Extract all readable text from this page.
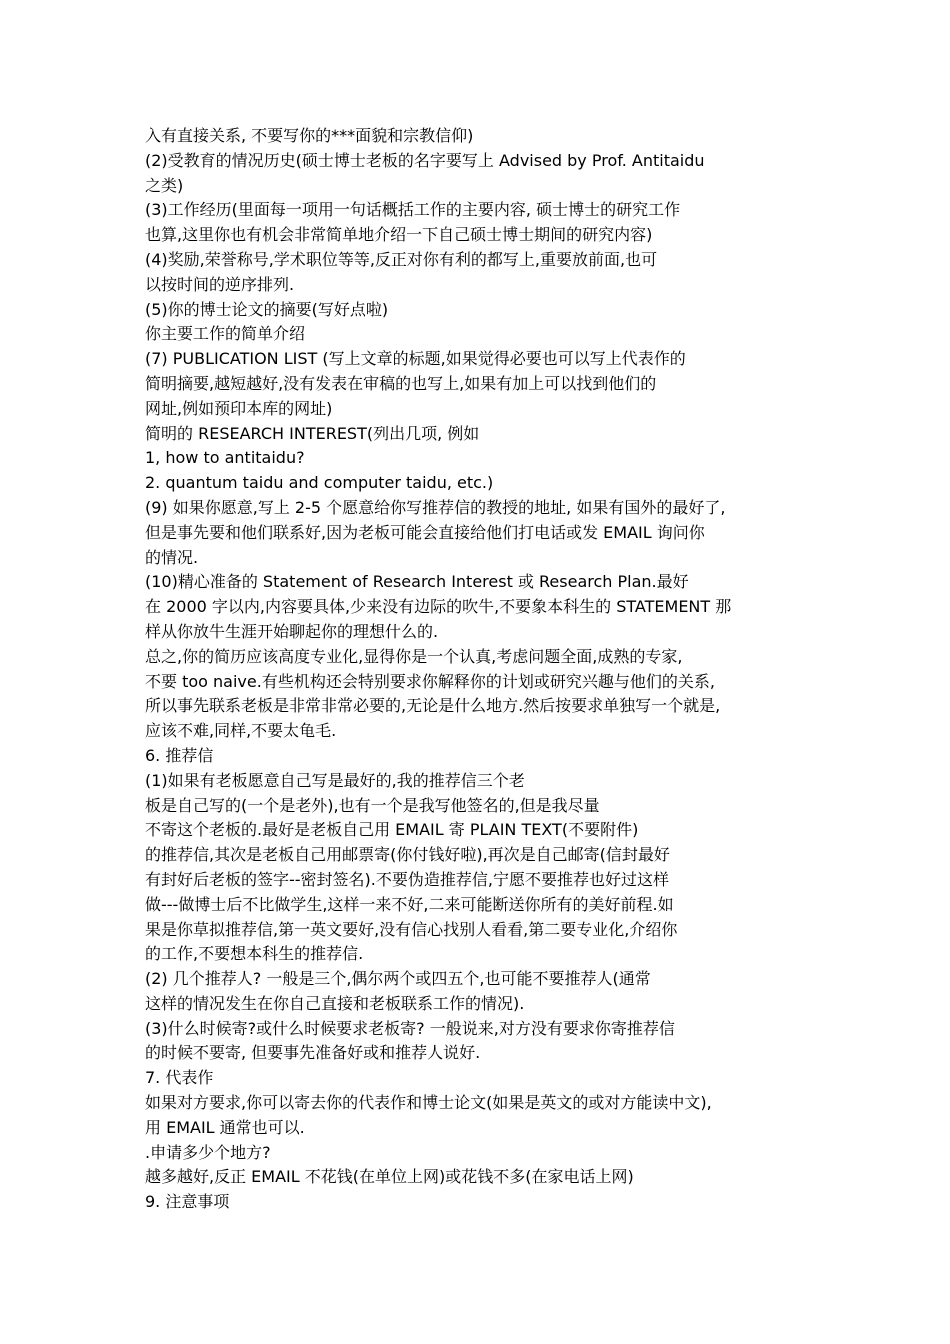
入有直接关系, 不要写你的***面貌和宗教信仰)
(2)受教育的情况历史(硕士博士老板的名字要写上 Advised by Prof. Antitaidu
之类)
(3)工作经历(里面每一项用一句话概括工作的主要内容, 硕士博士的研究工作
也算,这里你也有机会非常简单地介绍一下自己硕士博士期间的研究内容)
(4)奖励,荣誉称号,学术职位等等,反正对你有利的都写上,重要放前面,也可
以按时间的逆序排列.
(5)你的博士论文的摘要(写好点啦)
你主要工作的简单介绍
(7) PUBLICATION LIST (写上文章的标题,如果觉得必要也可以写上代表作的
简明摘要,越短越好,没有发表在审稿的也写上,如果有加上可以找到他们的
网址,例如预印本库的网址)
简明的 RESEARCH INTEREST(列出几项, 例如
1, how to antitaidu?
2. quantum taidu and computer taidu, etc.)
(9) 如果你愿意,写上 2-5 个愿意给你写推荐信的教授的地址, 如果有国外的最好了,
但是事先要和他们联系好,因为老板可能会直接给他们打电话或发 EMAIL 询问你
的情况.
(10)精心准备的 Statement of Research Interest 或 Research Plan.最好
在 2000 字以内,内容要具体,少来没有边际的吹牛,不要象本科生的 STATEMENT 那
样从你放牛生涯开始聊起你的理想什么的.
总之,你的简历应该高度专业化,显得你是一个认真,考虑问题全面,成熟的专家,
不要 too naive.有些机构还会特别要求你解释你的计划或研究兴趣与他们的关系,
所以事先联系老板是非常非常必要的,无论是什么地方.然后按要求单独写一个就是,
应该不难,同样,不要太龟毛.
6. 推荐信
(1)如果有老板愿意自己写是最好的,我的推荐信三个老
板是自己写的(一个是老外),也有一个是我写他签名的,但是我尽量
不寄这个老板的.最好是老板自己用 EMAIL 寄 PLAIN TEXT(不要附件)
的推荐信,其次是老板自己用邮票寄(你付钱好啦),再次是自己邮寄(信封最好
有封好后老板的签字--密封签名).不要伪造推荐信,宁愿不要推荐也好过这样
做---做博士后不比做学生,这样一来不好,二来可能断送你所有的美好前程.如
果是你草拟推荐信,第一英文要好,没有信心找别人看看,第二要专业化,介绍你
的工作,不要想本科生的推荐信.
(2) 几个推荐人? 一般是三个,偶尔两个或四五个,也可能不要推荐人(通常
这样的情况发生在你自己直接和老板联系工作的情况).
(3)什么时候寄?或什么时候要求老板寄? 一般说来,对方没有要求你寄推荐信
的时候不要寄, 但要事先准备好或和推荐人说好.
7. 代表作
如果对方要求,你可以寄去你的代表作和博士论文(如果是英文的或对方能读中文),
用 EMAIL 通常也可以.
.申请多少个地方?
越多越好,反正 EMAIL 不花钱(在单位上网)或花钱不多(在家电话上网)
9. 注意事项
